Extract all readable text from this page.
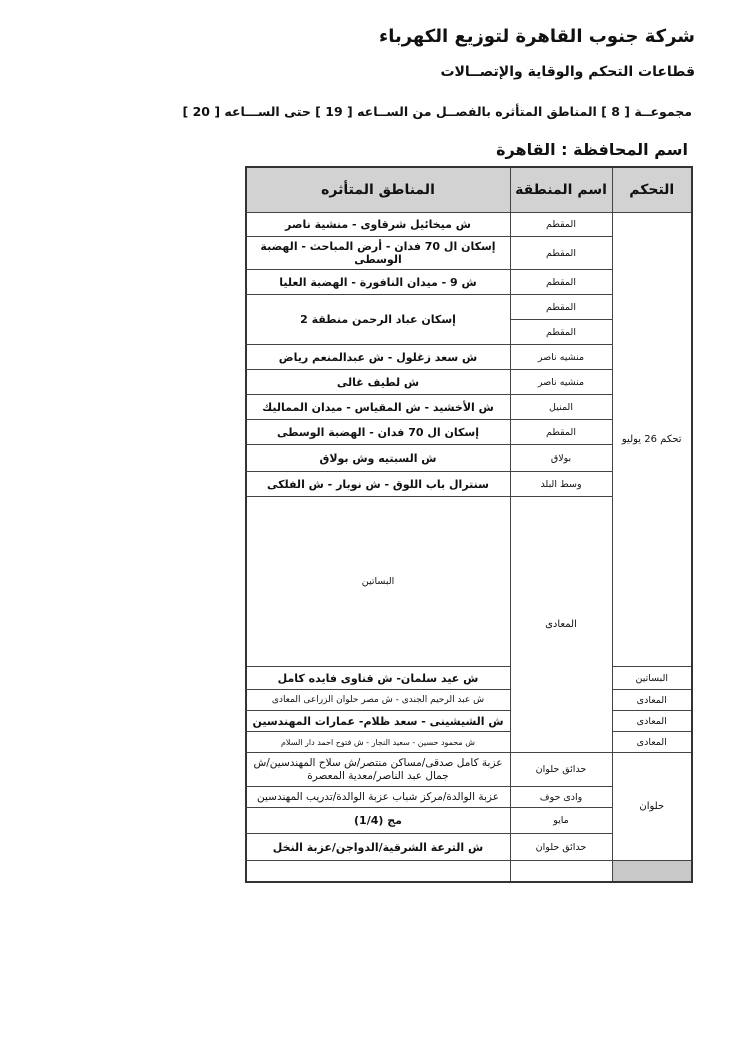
شركة جنوب القاهرة لتوزيع الكهرباء
قطاعات التحكم والوقاية والإتصــالات
مجموعــة [ 8 ] المناطق المتأثره بالفصــل من الســاعه [ 19 ] حتى الســـاعه [ 20 ]
اسم المحافظة : القاهرة
التحكم	اسم المنطقة	المناطق المتأثره	
تحكم 26 يوليو	المقطم	ش ميخائيل شرقاوى - منشية ناصر	
	المقطم	إسكان ال 70 فدان - أرض المباحث - الهضبة الوسطى	
	المقطم	ش 9 - ميدان النافورة - الهضبة العليا	
	المقطم	إسكان عباد الرحمن منطقة 2	
	المقطم		
	منشيه ناصر	ش سعد زغلول - ش عبدالمنعم رياض	
	منشيه ناصر	ش لطيف غالى	
	المنيل	ش الأخشيد - ش المقياس - ميدان المماليك	
	المقطم	إسكان ال 70 فدان - الهضبة الوسطى	
	بولاق	ش السبتيه وش بولاق	
	وسط البلد	سنترال باب اللوق - ش نوبار - ش الفلكى	
	المعادى	البساتين	
البساتين		ش عيد سلمان- ش قناوى فايده كامل	
المعادى		ش عبد الرحيم الجندى - ش مصر حلوان الزراعى المعادى	
المعادى		ش الشيشينى - سعد ظلام- عمارات المهندسين	
المعادى		ش محمود حسين - سعيد النجار - ش فتوح احمد دار السلام	
حلوان	حدائق حلوان	عزبة كامل صدقى/مساكن منتصر/ش سلاح المهندسين/ش جمال عبد الناصر/معدية المعصرة	
	وادى حوف	عزبة الوالدة/مركز شباب عزبة الوالدة/تدريب المهندسين	
	مايو	مج (1/4)	
	حدائق حلوان	ش الترعة الشرقية/الدواجن/عزبة النخل	
